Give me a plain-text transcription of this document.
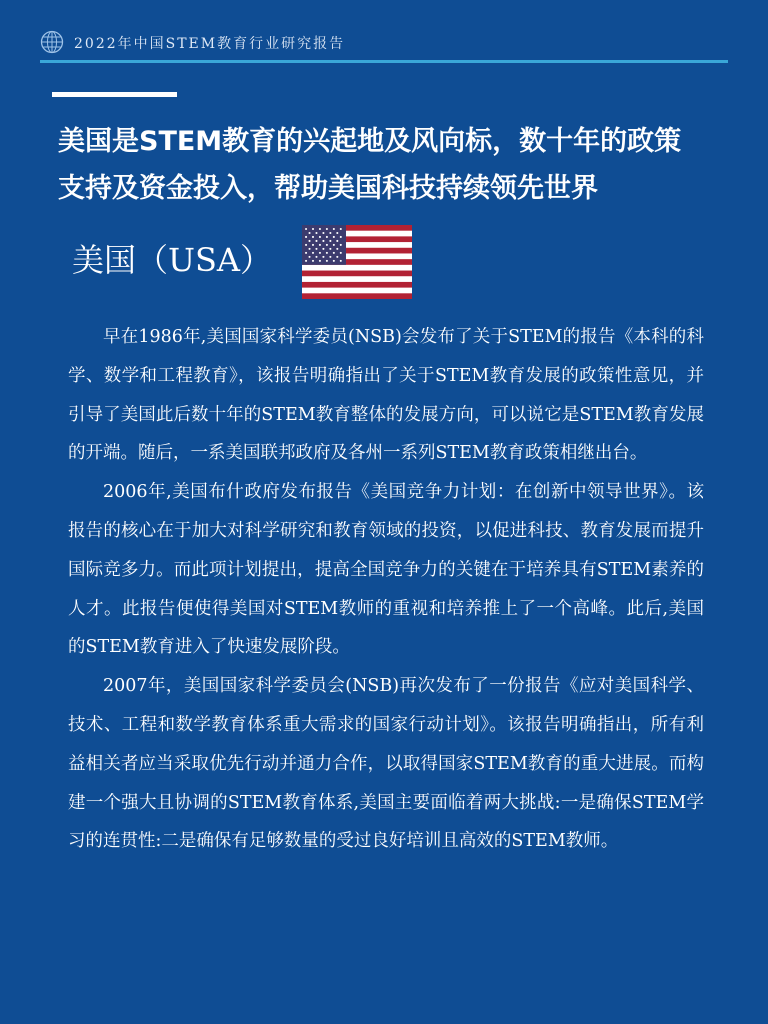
2022年中国STEM教育行业研究报告
美国是STEM教育的兴起地及风向标，数十年的政策
支持及资金投入，帮助美国科技持续领先世界
美国（USA）

早在1986年,美国国家科学委员(NSB)会发布了关于STEM的报告《本科的科学、数学和工程教育》，该报告明确指出了关于STEM教育发展的政策性意见，并引导了美国此后数十年的STEM教育整体的发展方向，可以说它是STEM教育发展的开端。随后，一系美国联邦政府及各州一系列STEM教育政策相继出台。

2006年,美国布什政府发布报告《美国竞争力计划：在创新中领导世界》。该报告的核心在于加大对科学研究和教育领域的投资，以促进科技、教育发展而提升国际竞多力。而此项计划提出，提高全国竞争力的关键在于培养具有STEM素养的人才。此报告便使得美国对STEM教师的重视和培养推上了一个高峰。此后,美国的STEM教育进入了快速发展阶段。

2007年，美国国家科学委员会(NSB)再次发布了一份报告《应对美国科学、技术、工程和数学教育体系重大需求的国家行动计划》。该报告明确指出，所有利益相关者应当采取优先行动并通力合作，以取得国家STEM教育的重大进展。而构建一个强大且协调的STEM教育体系,美国主要面临着两大挑战:一是确保STEM学习的连贯性:二是确保有足够数量的受过良好培训且高效的STEM教师。
